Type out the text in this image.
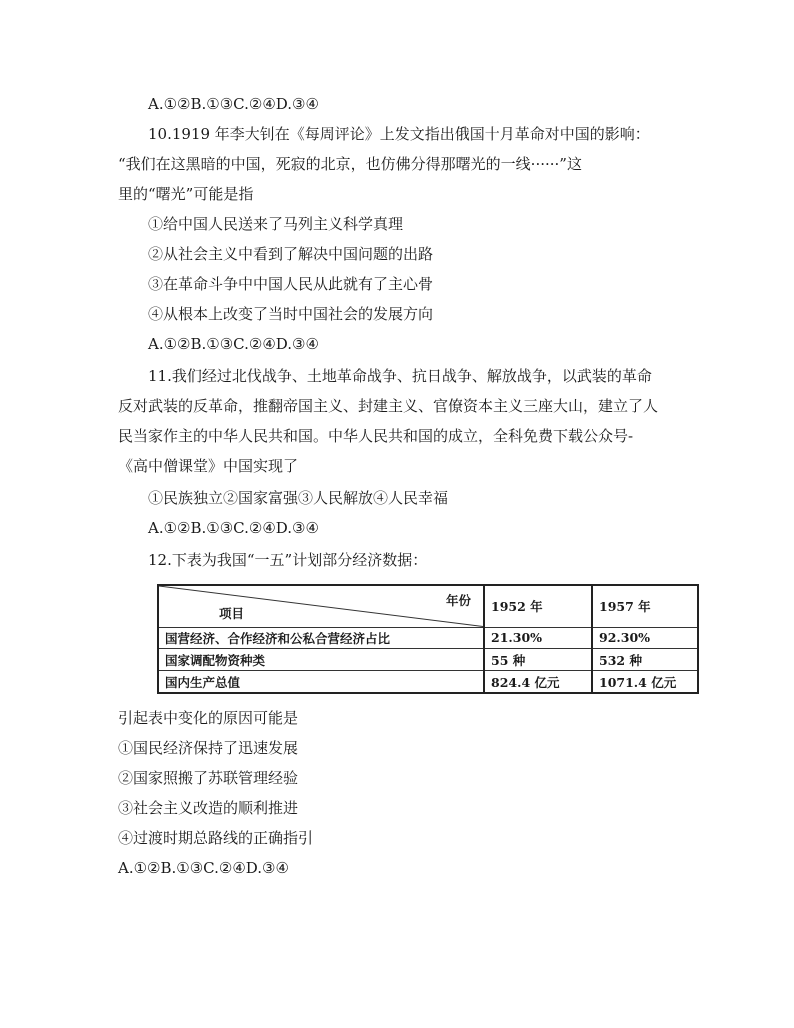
A.①②B.①③C.②④D.③④
10.1919 年李大钊在《每周评论》上发文指出俄国十月革命对中国的影响：
“我们在这黑暗的中国，死寂的北京，也仿佛分得那曙光的一线······”这
里的“曙光”可能是指
①给中国人民送来了马列主义科学真理
②从社会主义中看到了解决中国问题的出路
③在革命斗争中中国人民从此就有了主心骨
④从根本上改变了当时中国社会的发展方向
A.①②B.①③C.②④D.③④
11.我们经过北伐战争、土地革命战争、抗日战争、解放战争，以武装的革命
反对武装的反革命，推翻帝国主义、封建主义、官僚资本主义三座大山，建立了人
民当家作主的中华人民共和国。中华人民共和国的成立，全科免费下载公众号-
《高中僧课堂》中国实现了
①民族独立②国家富强③人民解放④人民幸福
A.①②B.①③C.②④D.③④
12.下表为我国“一五”计划部分经济数据：
年份
项目	1952 年	1957 年
国营经济、合作经济和公私合营经济占比	21.30%	92.30%
国家调配物资种类	55 种	532 种
国内生产总值	824.4 亿元	1071.4 亿元
引起表中变化的原因可能是
①国民经济保持了迅速发展
②国家照搬了苏联管理经验
③社会主义改造的顺利推进
④过渡时期总路线的正确指引
A.①②B.①③C.②④D.③④
